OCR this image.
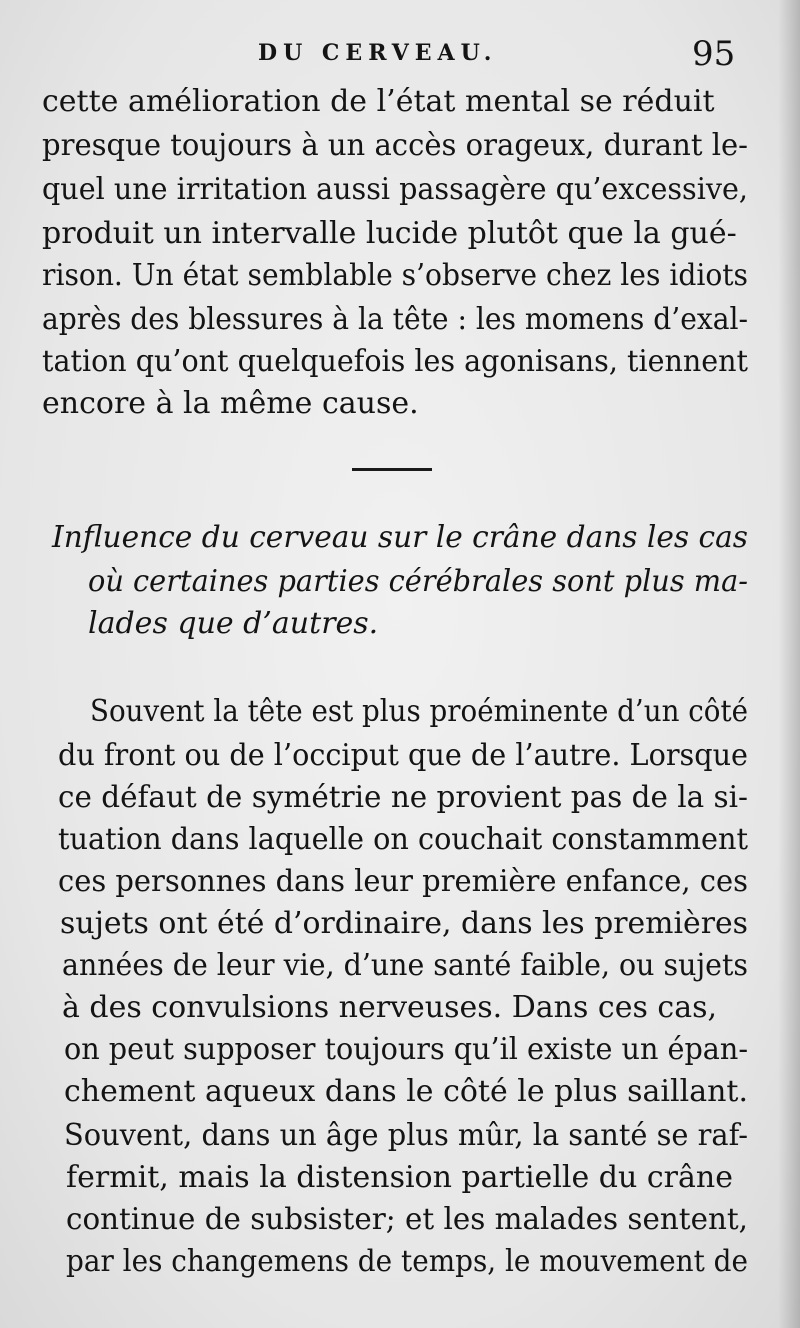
DU CERVEAU.	95
cette amélioration de l’état mental se réduit
presque toujours à un accès orageux, durant le-
quel une irritation aussi passagère qu’excessive,
produit un intervalle lucide plutôt que la gué-
rison. Un état semblable s’observe chez les idiots
après des blessures à la tête : les momens d’exal-
tation qu’ont quelquefois les agonisans, tiennent
encore à la même cause.
Influence du cerveau sur le crâne dans les cas
où certaines parties cérébrales sont plus ma-
lades que d’autres.
Souvent la tête est plus proéminente d’un côté
du front ou de l’occiput que de l’autre. Lorsque
ce défaut de symétrie ne provient pas de la si-
tuation dans laquelle on couchait constamment
ces personnes dans leur première enfance, ces
sujets ont été d’ordinaire, dans les premières
années de leur vie, d’une santé faible, ou sujets
à des convulsions nerveuses. Dans ces cas,
on peut supposer toujours qu’il existe un épan-
chement aqueux dans le côté le plus saillant.
Souvent, dans un âge plus mûr, la santé se raf-
fermit, mais la distension partielle du crâne
continue de subsister; et les malades sentent,
par les changemens de temps, le mouvement de
